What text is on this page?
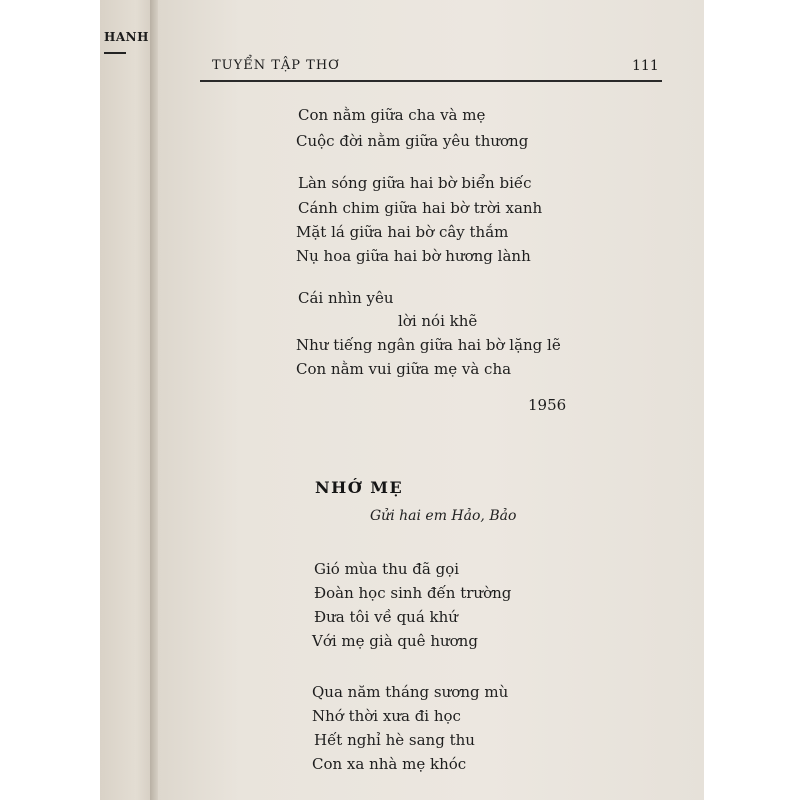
HANH
TUYỂN TẬP THƠ	111
Con nằm giữa cha và mẹ
Cuộc đời nằm giữa yêu thương
Làn sóng giữa hai bờ biển biếc
Cánh chim giữa hai bờ trời xanh
Mặt lá giữa hai bờ cây thắm
Nụ hoa giữa hai bờ hương lành
Cái nhìn yêu
lời nói khẽ
Như tiếng ngân giữa hai bờ lặng lẽ
Con nằm vui giữa mẹ và cha
1956
NHỚ MẸ
Gửi hai em Hảo, Bảo
Gió mùa thu đã gọi
Đoàn học sinh đến trường
Đưa tôi về quá khứ
Với mẹ già quê hương
Qua năm tháng sương mù
Nhớ thời xưa đi học
Hết nghỉ hè sang thu
Con xa nhà mẹ khóc
